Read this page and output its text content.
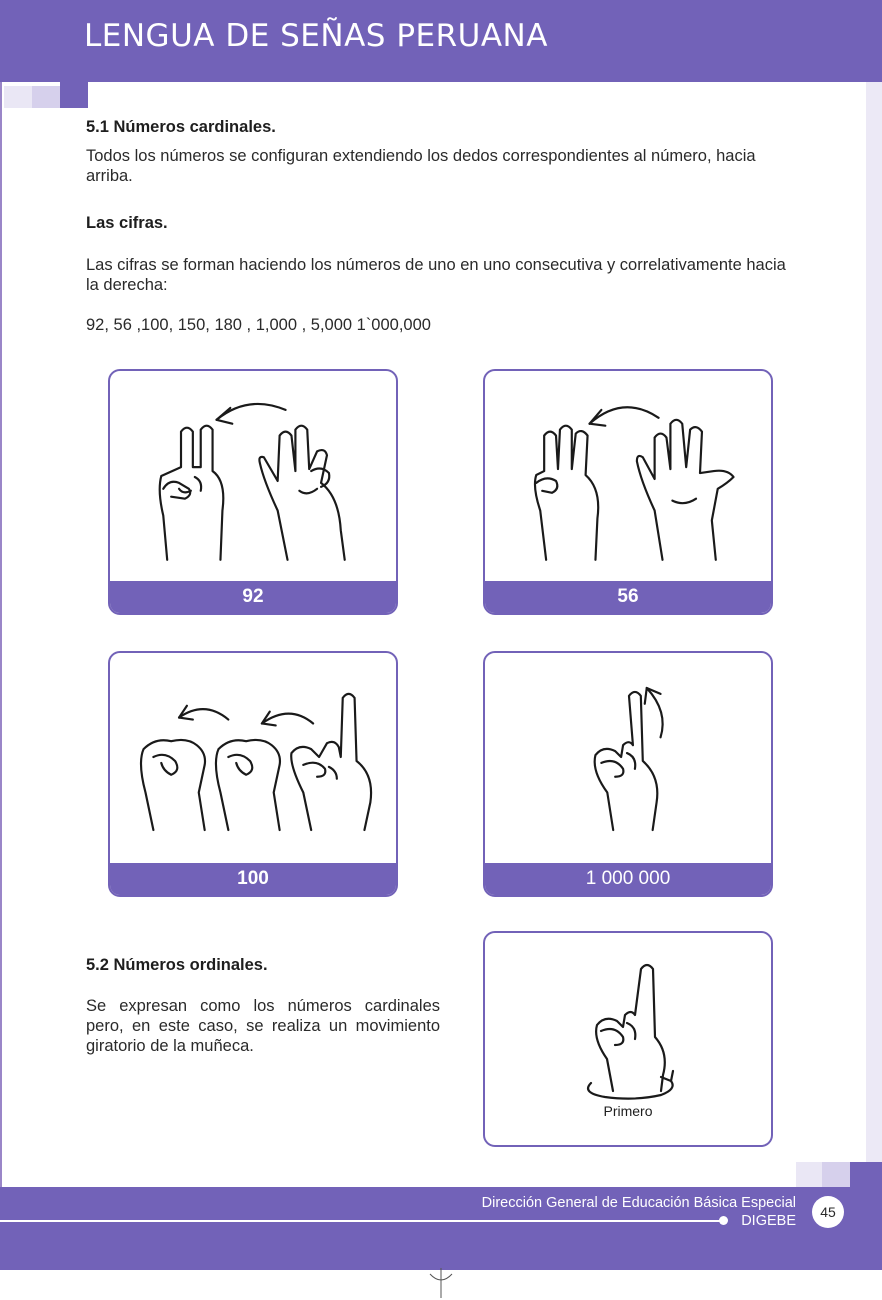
LENGUA DE SEÑAS PERUANA
5.1 Números cardinales.

Todos los números se configuran extendiendo los dedos correspondientes al número, hacia arriba.

Las cifras.

Las cifras se forman haciendo los números de uno en uno consecutiva y correlativamente hacia la derecha:

92, 56 ,100, 150, 180 , 1,000 , 5,000 1`000,000

92	56
100	1 000 000
5.2 Números ordinales.

Se expresan como los números cardinales pero, en este caso, se realiza un movimiento giratorio de la muñeca.

Primero
Dirección General de Educación Básica Especial
DIGEBE
45
